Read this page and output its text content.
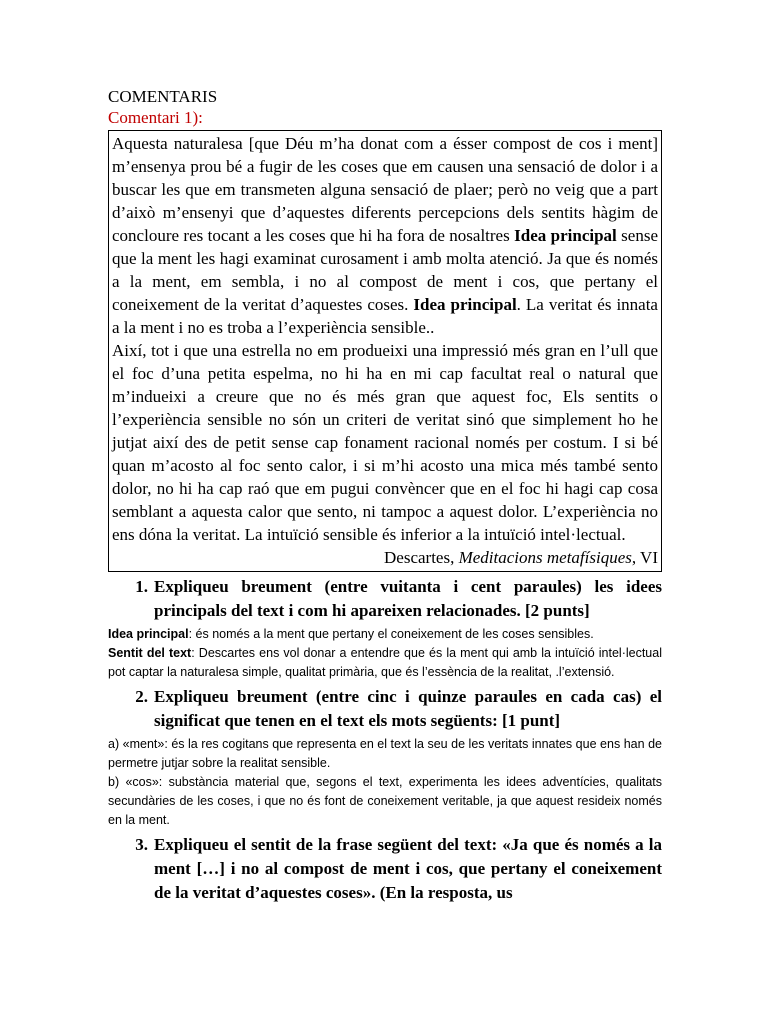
COMENTARIS

Comentari 1):

Aquesta naturalesa [que Déu m’ha donat com a ésser compost de cos i ment] m’ensenya prou bé a fugir de les coses que em causen una sensació de dolor i a buscar les que em transmeten alguna sensació de plaer; però no veig que a part d’això m’ensenyi que d’aquestes diferents percepcions dels sentits hàgim de concloure res tocant a les coses que hi ha fora de nosaltres Idea principal sense que la ment les hagi examinat curosament i amb molta atenció. Ja que és només a la ment, em sembla, i no al compost de ment i cos, que pertany el coneixement de la veritat d’aquestes coses. Idea principal. La veritat és innata a la ment i no es troba a l’experiència sensible..

Així, tot i que una estrella no em produeixi una impressió més gran en l’ull que el foc d’una petita espelma, no hi ha en mi cap facultat real o natural que m’indueixi a creure que no és més gran que aquest foc, Els sentits o l’experiència sensible no són un criteri de veritat sinó que simplement ho he jutjat així des de petit sense cap fonament racional només per costum. I si bé quan m’acosto al foc sento calor, i si m’hi acosto una mica més també sento dolor, no hi ha cap raó que em pugui convèncer que en el foc hi hagi cap cosa semblant a aquesta calor que sento, ni tampoc a aquest dolor. L’experiència no ens dóna la veritat. La intuïció sensible és inferior a la intuïció intel·lectual.

Descartes, Meditacions metafísiques, VI

1. Expliqueu breument (entre vuitanta i cent paraules) les idees principals del text i com hi apareixen relacionades. [2 punts]

Idea principal: és només a la ment que pertany el coneixement de les coses sensibles.

Sentit del text: Descartes ens vol donar a entendre que és la ment qui amb la intuïció intel·lectual pot captar la naturalesa simple, qualitat primària, que és l’essència de la realitat, .l’extensió.

2. Expliqueu breument (entre cinc i quinze paraules en cada cas) el significat que tenen en el text els mots següents: [1 punt]

a) «ment»: és la res cogitans que representa en el text la seu de les veritats innates que ens han de permetre jutjar sobre la realitat sensible.

b) «cos»: substància material que, segons el text, experimenta les idees adventícies, qualitats secundàries de les coses, i que no és font de coneixement veritable, ja que aquest resideix només en la ment.

3. Expliqueu el sentit de la frase següent del text: «Ja que és només a la ment […] i no al compost de ment i cos, que pertany el coneixement de la veritat d’aquestes coses». (En la resposta, us
